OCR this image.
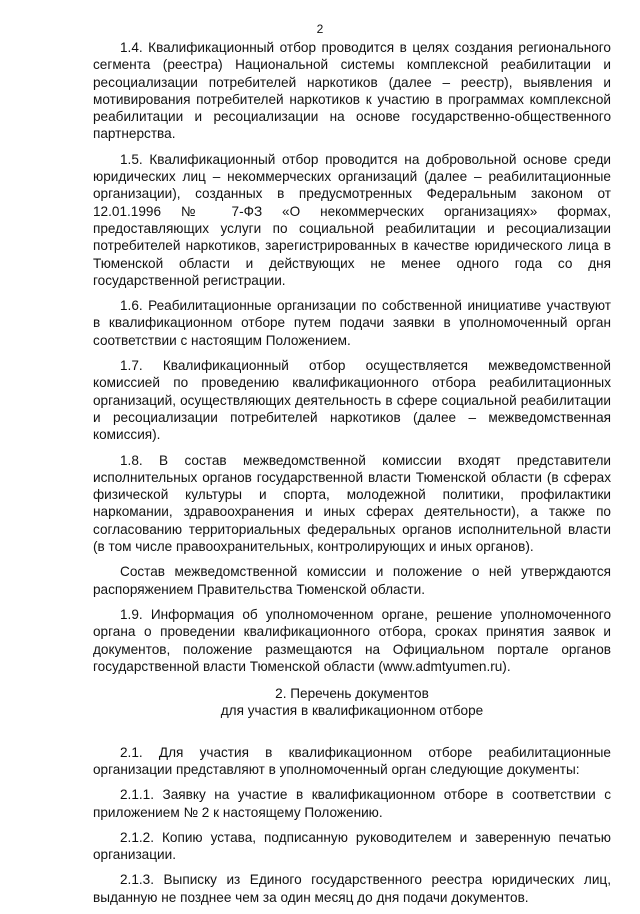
2

1.4. Квалификационный отбор проводится в целях создания регионального сегмента (реестра) Национальной системы комплексной реабилитации и ресоциализации потребителей наркотиков (далее – реестр), выявления и мотивирования потребителей наркотиков к участию в программах комплексной реабилитации и ресоциализации на основе государственно-общественного партнерства.

1.5. Квалификационный отбор проводится на добровольной основе среди юридических лиц – некоммерческих организаций (далее – реабилитационные организации), созданных в предусмотренных Федеральным законом от 12.01.1996 № 7-ФЗ «О некоммерческих организациях» формах, предоставляющих услуги по социальной реабилитации и ресоциализации потребителей наркотиков, зарегистрированных в качестве юридического лица в Тюменской области и действующих не менее одного года со дня государственной регистрации.

1.6. Реабилитационные организации по собственной инициативе участвуют в квалификационном отборе путем подачи заявки в уполномоченный орган соответствии с настоящим Положением.

1.7. Квалификационный отбор осуществляется межведомственной комиссией по проведению квалификационного отбора реабилитационных организаций, осуществляющих деятельность в сфере социальной реабилитации и ресоциализации потребителей наркотиков (далее – межведомственная комиссия).

1.8. В состав межведомственной комиссии входят представители исполнительных органов государственной власти Тюменской области (в сферах физической культуры и спорта, молодежной политики, профилактики наркомании, здравоохранения и иных сферах деятельности), а также по согласованию территориальных федеральных органов исполнительной власти (в том числе правоохранительных, контролирующих и иных органов).

Состав межведомственной комиссии и положение о ней утверждаются распоряжением Правительства Тюменской области.

1.9. Информация об уполномоченном органе, решение уполномоченного органа о проведении квалификационного отбора, сроках принятия заявок и документов, положение размещаются на Официальном портале органов государственной власти Тюменской области (www.admtyumen.ru).

2. Перечень документов
для участия в квалификационном отборе

2.1. Для участия в квалификационном отборе реабилитационные организации представляют в уполномоченный орган следующие документы:

2.1.1. Заявку на участие в квалификационном отборе в соответствии с приложением № 2 к настоящему Положению.

2.1.2. Копию устава, подписанную руководителем и заверенную печатью организации.

2.1.3. Выписку из Единого государственного реестра юридических лиц, выданную не позднее чем за один месяц до дня подачи документов.
